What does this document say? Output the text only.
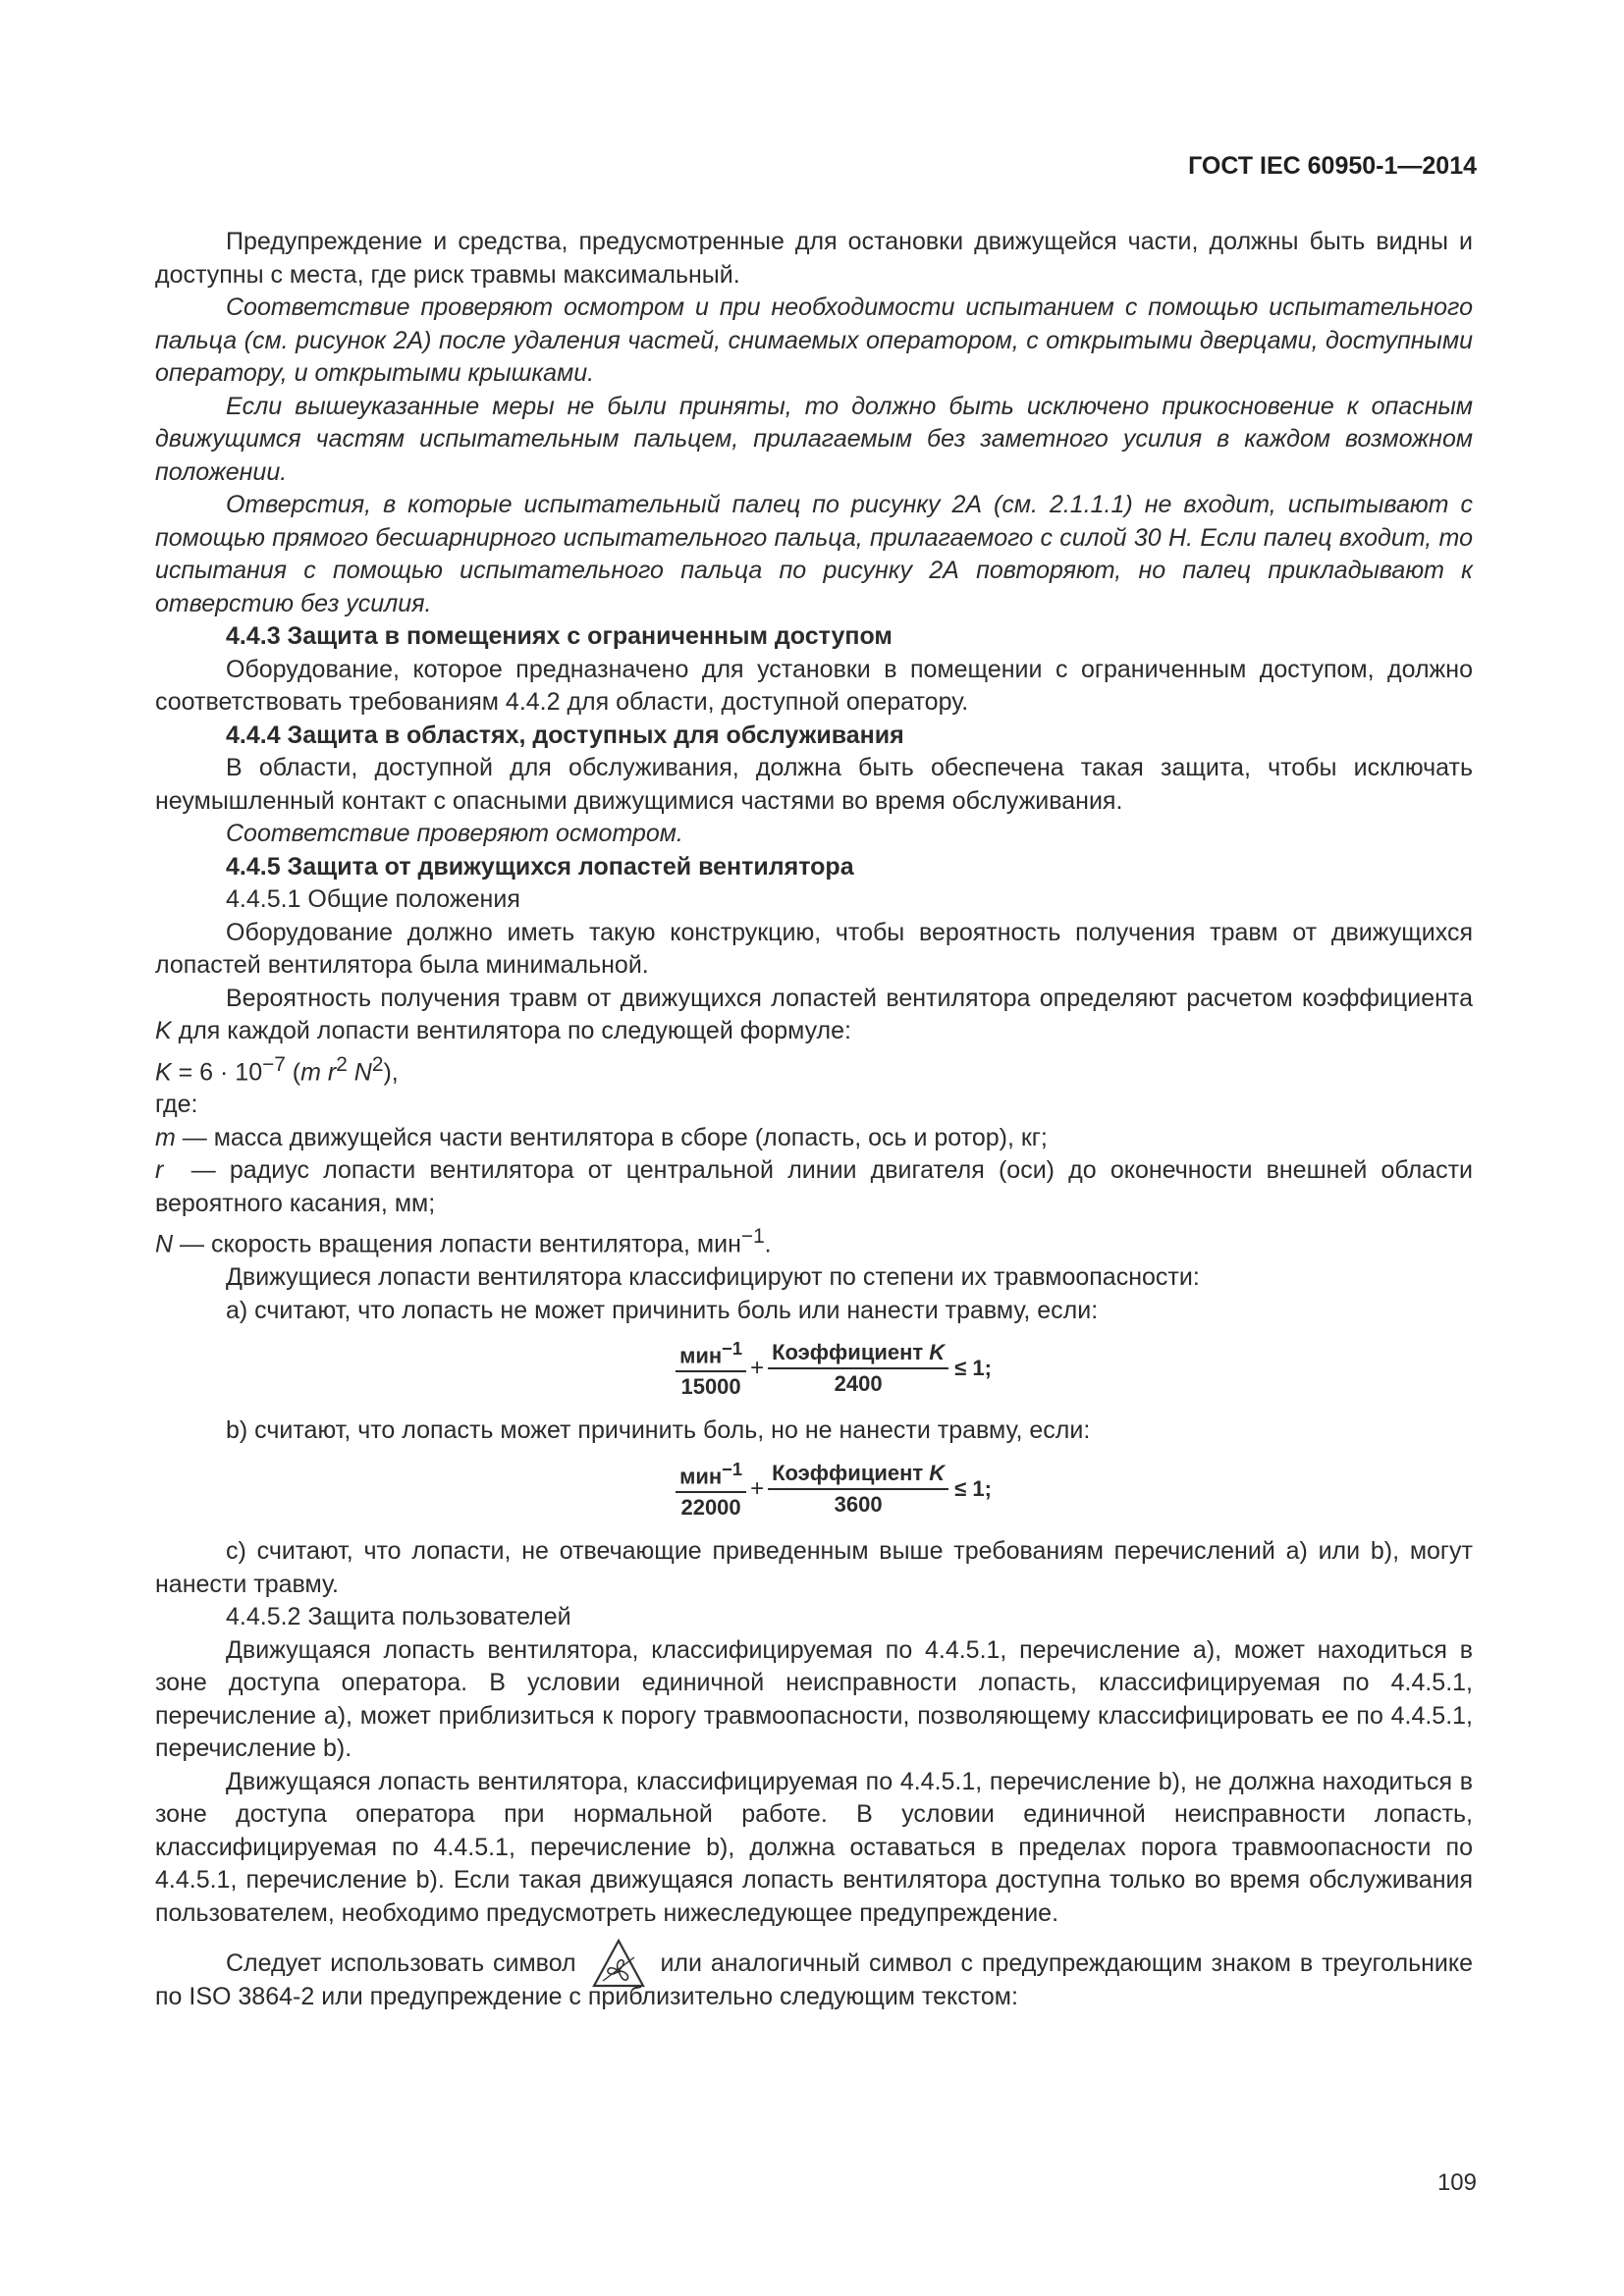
ГОСТ IEC 60950-1—2014

Предупреждение и средства, предусмотренные для остановки движущейся части, должны быть видны и доступны с места, где риск травмы максимальный.

Соответствие проверяют осмотром и при необходимости испытанием с помощью испытательного пальца (см. рисунок 2А) после удаления частей, снимаемых оператором, с открытыми дверцами, доступными оператору, и открытыми крышками.

Если вышеуказанные меры не были приняты, то должно быть исключено прикосновение к опасным движущимся частям испытательным пальцем, прилагаемым без заметного усилия в каждом возможном положении.

Отверстия, в которые испытательный палец по рисунку 2А (см. 2.1.1.1) не входит, испытывают с помощью прямого бесшарнирного испытательного пальца, прилагаемого с силой 30 Н. Если палец входит, то испытания с помощью испытательного пальца по рисунку 2А повторяют, но палец прикладывают к отверстию без усилия.

4.4.3 Защита в помещениях с ограниченным доступом

Оборудование, которое предназначено для установки в помещении с ограниченным доступом, должно соответствовать требованиям 4.4.2 для области, доступной оператору.

4.4.4 Защита в областях, доступных для обслуживания

В области, доступной для обслуживания, должна быть обеспечена такая защита, чтобы исключать неумышленный контакт с опасными движущимися частями во время обслуживания.

Соответствие проверяют осмотром.

4.4.5 Защита от движущихся лопастей вентилятора

4.4.5.1 Общие положения

Оборудование должно иметь такую конструкцию, чтобы вероятность получения травм от движущихся лопастей вентилятора была минимальной.

Вероятность получения травм от движущихся лопастей вентилятора определяют расчетом коэффициента K для каждой лопасти вентилятора по следующей формуле:

$K = 6 \cdot 10^{-7}$ (m $r^2$ $N^2$),

где:

m — масса движущейся части вентилятора в сборе (лопасть, ось и ротор), кг;

r  — радиус лопасти вентилятора от центральной линии двигателя (оси) до оконечности внешней области вероятного касания, мм;

N — скорость вращения лопасти вентилятора, мин$^{-1}$.

Движущиеся лопасти вентилятора классифицируют по степени их травмоопасности:

a) считают, что лопасть не может причинить боль или нанести травму, если:

$\frac{мин^{-1}}{15000} + \frac{\text{Коэффициент K}}{2400} \le 1$;

b) считают, что лопасть может причинить боль, но не нанести травму, если:

$\frac{мин^{-1}}{22000} + \frac{\text{Коэффициент K}}{3600} \le 1$;

c) считают, что лопасти, не отвечающие приведенным выше требованиям перечислений a) или b), могут нанести травму.

4.4.5.2 Защита пользователей

Движущаяся лопасть вентилятора, классифицируемая по 4.4.5.1, перечисление a), может находиться в зоне доступа оператора. В условии единичной неисправности лопасть, классифицируемая по 4.4.5.1, перечисление a), может приблизиться к порогу травмоопасности, позволяющему классифицировать ее по 4.4.5.1, перечисление b).

Движущаяся лопасть вентилятора, классифицируемая по 4.4.5.1, перечисление b), не должна находиться в зоне доступа оператора при нормальной работе. В условии единичной неисправности лопасть, классифицируемая по 4.4.5.1, перечисление b), должна оставаться в пределах порога травмоопасности по 4.4.5.1, перечисление b). Если такая движущаяся лопасть вентилятора доступна только во время обслуживания пользователем, необходимо предусмотреть нижеследующее предупреждение.

Следует использовать символ	или аналогичный символ с предупреждающим знаком в треугольнике по ISO 3864-2 или предупреждение с приблизительно следующим текстом:

109
